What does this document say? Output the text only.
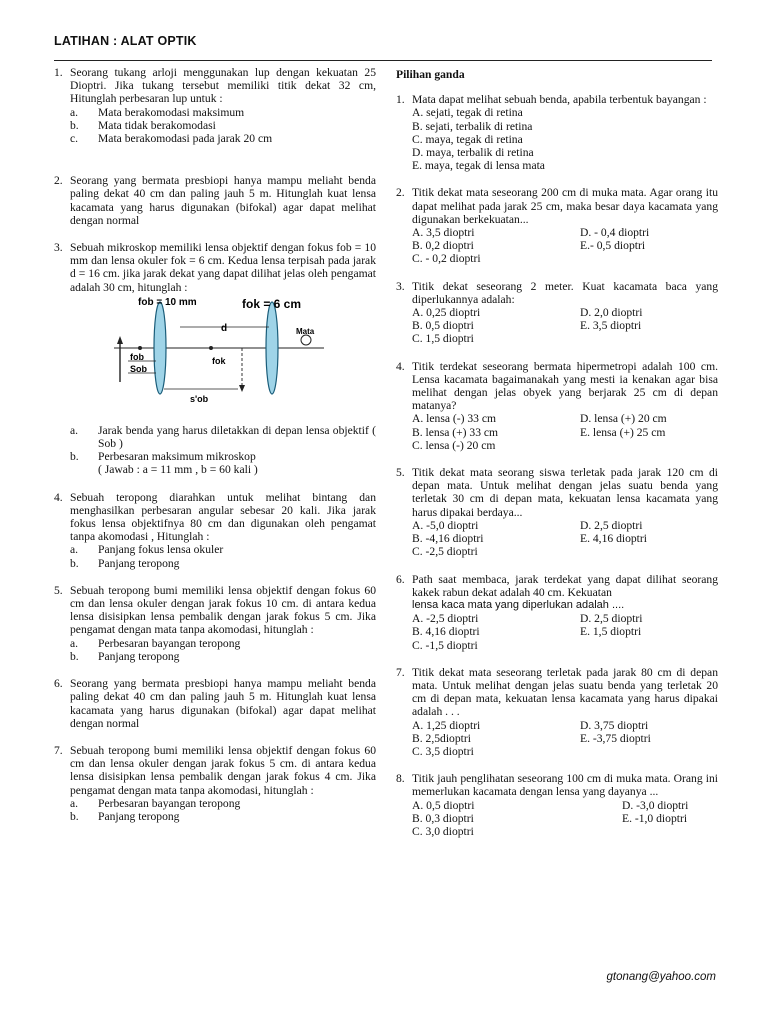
LATIHAN : ALAT OPTIK
1. Seorang tukang arloji menggunakan lup dengan kekuatan 25 Dioptri. Jika tukang tersebut memiliki titik dekat 32 cm, Hitunglah perbesaran lup untuk :
a.	Mata berakomodasi maksimum
b.	Mata tidak berakomodasi
c.	Mata berakomodasi pada jarak 20 cm
2. Seorang yang bermata presbiopi hanya mampu meliaht benda paling dekat 40 cm dan paling jauh 5 m. Hitunglah kuat lensa kacamata yang harus digunakan (bifokal) agar dapat melihat dengan normal
3. Sebuah mikroskop memiliki lensa objektif dengan fokus fob = 10 mm dan lensa okuler fok = 6 cm. Kedua lensa terpisah pada jarak d = 16 cm. jika jarak dekat yang dapat dilihat jelas oleh pengamat adalah 30 cm, hitunglah :
fob = 10 mm	fok = 6 cm
d	Mata
fob
Sob
fok
s'ob
a.	Jarak benda yang harus diletakkan di depan lensa objektif ( Sob )
b.	Perbesaran maksimum mikroskop
( Jawab : a = 11 mm , b = 60 kali )
4. Sebuah teropong diarahkan untuk melihat bintang dan menghasilkan perbesaran angular sebesar 20 kali. Jika jarak fokus lensa objektifnya 80 cm dan digunakan oleh pengamat tanpa akomodasi , Hitunglah :
a.	Panjang fokus lensa okuler
b.	Panjang teropong
5. Sebuah teropong bumi memiliki lensa objektif dengan fokus 60 cm dan lensa okuler dengan jarak fokus 10 cm. di antara kedua lensa disisipkan lensa pembalik dengan jarak fokus 5 cm. Jika pengamat dengan mata tanpa akomodasi, hitunglah :
a.	Perbesaran bayangan teropong
b.	Panjang teropong
6. Seorang yang bermata presbiopi hanya mampu meliaht benda paling dekat 40 cm dan paling jauh 5 m. Hitunglah kuat lensa kacamata yang harus digunakan (bifokal) agar dapat melihat dengan normal
7. Sebuah teropong bumi memiliki lensa objektif dengan fokus 60 cm dan lensa okuler dengan jarak fokus 5 cm. di antara kedua lensa disisipkan lensa pembalik dengan jarak fokus 4 cm. Jika pengamat dengan mata tanpa akomodasi, hitunglah :
a.	Perbesaran bayangan teropong
b.	Panjang teropong
Pilihan ganda
1. Mata dapat melihat sebuah benda, apabila terbentuk bayangan :
A. sejati, tegak di retina
B. sejati, terbalik di retina
C. maya, tegak di retina
D. maya, terbalik di retina
E. maya, tegak di lensa mata
2. Titik dekat mata seseorang 200 cm di muka mata. Agar orang itu dapat melihat pada jarak 25 cm, maka besar daya kacamata yang digunakan berkekuatan...
A. 3,5 dioptri	D. - 0,4 dioptri
B. 0,2 dioptri	E.- 0,5 dioptri
C. - 0,2 dioptri
3. Titik dekat seseorang 2 meter. Kuat kacamata baca yang diperlukannya adalah:
A. 0,25 dioptri	D. 2,0 dioptri
B. 0,5 dioptri	E. 3,5 dioptri
C. 1,5 dioptri
4. Titik terdekat seseorang bermata hipermetropi adalah 100 cm. Lensa kacamata bagaimanakah yang mesti ia kenakan agar bisa melihat dengan jelas obyek yang berjarak 25 cm di depan matanya?
A. lensa (-) 33 cm	D. lensa (+) 20 cm
B. lensa (+) 33 cm	E. lensa (+) 25 cm
C. lensa (-) 20 cm
5. Titik dekat mata seorang siswa terletak pada jarak 120 cm di depan mata. Untuk melihat dengan jelas suatu benda yang terletak 30 cm di depan mata, kekuatan lensa kacamata yang harus dipakai berdaya...
A. -5,0 dioptri	D. 2,5 dioptri
B. -4,16 dioptri	E. 4,16 dioptri
C. -2,5 dioptri
6. Path saat membaca, jarak terdekat yang dapat dilihat seorang kakek rabun dekat adalah 40 cm. Kekuatan
lensa kaca mata yang diperlukan adalah ....
A. -2,5 dioptri	D. 2,5 dioptri
B. 4,16 dioptri	E. 1,5 dioptri
C. -1,5 dioptri
7. Titik dekat mata seseorang terletak pada jarak 80 cm di depan mata. Untuk melihat dengan jelas suatu benda yang terletak 20 cm di depan mata, kekuatan lensa kacamata yang harus dipakai adalah . . .
A. 1,25 dioptri	D. 3,75 dioptri
B. 2,5dioptri	E. -3,75 dioptri
C. 3,5 dioptri
8. Titik jauh penglihatan seseorang 100 cm di muka mata. Orang ini memerlukan kacamata dengan lensa yang dayanya ...
A. 0,5 dioptri	D. -3,0 dioptri
B. 0,3 dioptri	E. -1,0 dioptri
C. 3,0 dioptri
gtonang@yahoo.com
